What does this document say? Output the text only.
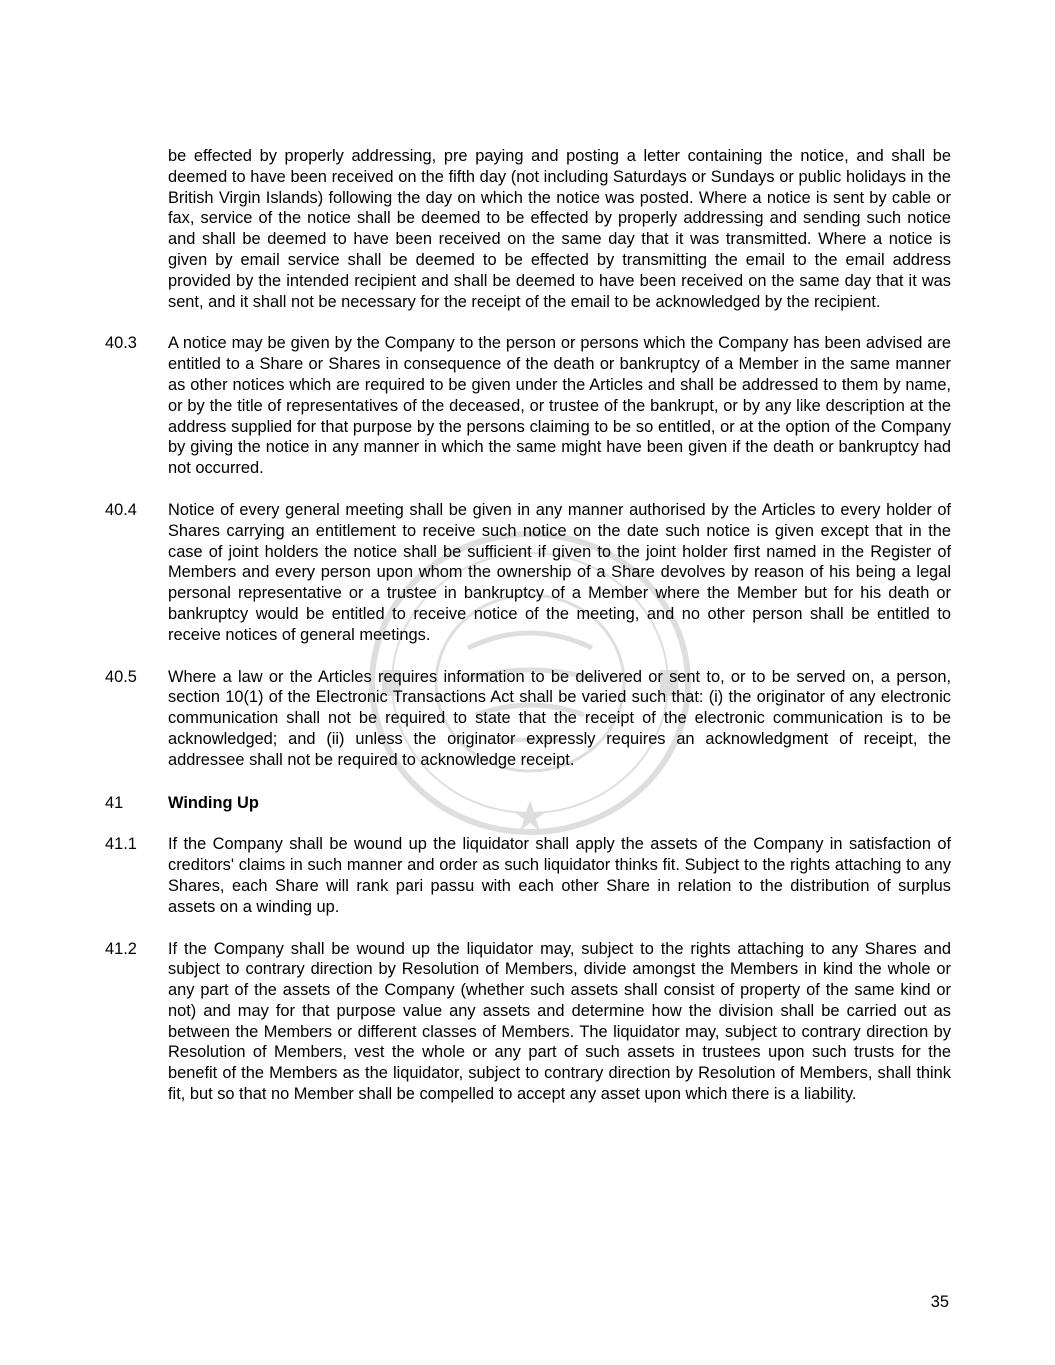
be effected by properly addressing, pre paying and posting a letter containing the notice, and shall be deemed to have been received on the fifth day (not including Saturdays or Sundays or public holidays in the British Virgin Islands) following the day on which the notice was posted. Where a notice is sent by cable or fax, service of the notice shall be deemed to be effected by properly addressing and sending such notice and shall be deemed to have been received on the same day that it was transmitted. Where a notice is given by email service shall be deemed to be effected by transmitting the email to the email address provided by the intended recipient and shall be deemed to have been received on the same day that it was sent, and it shall not be necessary for the receipt of the email to be acknowledged by the recipient.

40.3	A notice may be given by the Company to the person or persons which the Company has been advised are entitled to a Share or Shares in consequence of the death or bankruptcy of a Member in the same manner as other notices which are required to be given under the Articles and shall be addressed to them by name, or by the title of representatives of the deceased, or trustee of the bankrupt, or by any like description at the address supplied for that purpose by the persons claiming to be so entitled, or at the option of the Company by giving the notice in any manner in which the same might have been given if the death or bankruptcy had not occurred.
40.4	Notice of every general meeting shall be given in any manner authorised by the Articles to every holder of Shares carrying an entitlement to receive such notice on the date such notice is given except that in the case of joint holders the notice shall be sufficient if given to the joint holder first named in the Register of Members and every person upon whom the ownership of a Share devolves by reason of his being a legal personal representative or a trustee in bankruptcy of a Member where the Member but for his death or bankruptcy would be entitled to receive notice of the meeting, and no other person shall be entitled to receive notices of general meetings.
40.5	Where a law or the Articles requires information to be delivered or sent to, or to be served on, a person, section 10(1) of the Electronic Transactions Act shall be varied such that: (i) the originator of any electronic communication shall not be required to state that the receipt of the electronic communication is to be acknowledged; and (ii) unless the originator expressly requires an acknowledgment of receipt, the addressee shall not be required to acknowledge receipt.
41	Winding Up
41.1	If the Company shall be wound up the liquidator shall apply the assets of the Company in satisfaction of creditors' claims in such manner and order as such liquidator thinks fit. Subject to the rights attaching to any Shares, each Share will rank pari passu with each other Share in relation to the distribution of surplus assets on a winding up.
41.2	If the Company shall be wound up the liquidator may, subject to the rights attaching to any Shares and subject to contrary direction by Resolution of Members, divide amongst the Members in kind the whole or any part of the assets of the Company (whether such assets shall consist of property of the same kind or not) and may for that purpose value any assets and determine how the division shall be carried out as between the Members or different classes of Members. The liquidator may, subject to contrary direction by Resolution of Members, vest the whole or any part of such assets in trustees upon such trusts for the benefit of the Members as the liquidator, subject to contrary direction by Resolution of Members, shall think fit, but so that no Member shall be compelled to accept any asset upon which there is a liability.
35
